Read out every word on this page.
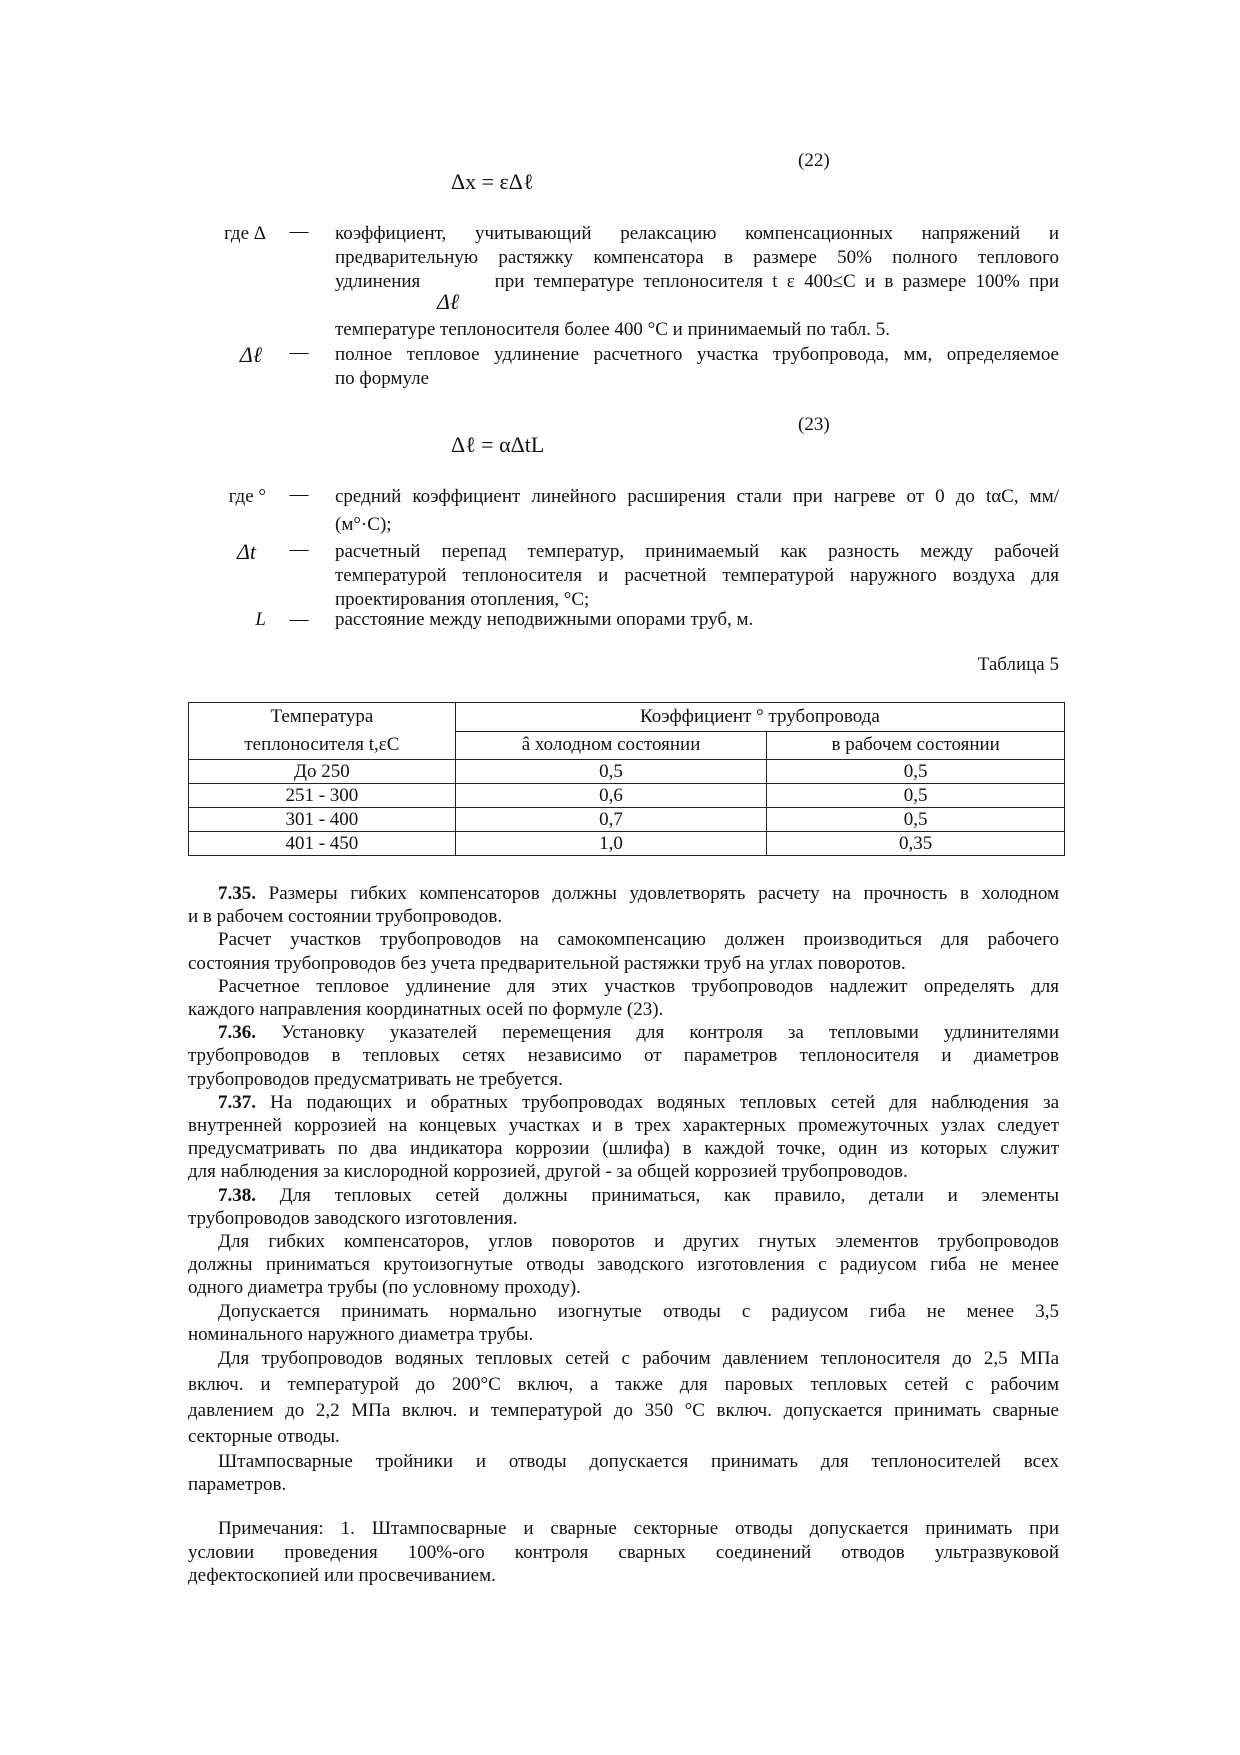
(22)
Δx = εΔℓ
где Δ — коэффициент, учитывающий релаксацию компенсационных напряжений и
предварительную растяжку компенсатора в размере 50% полного теплового
удлинения        при температуре теплоносителя t ε 400≤С и в размере 100% при
Δℓ
температуре теплоносителя более 400 °С и принимаемый по табл. 5.
Δℓ — полное тепловое удлинение расчетного участка трубопровода, мм, определяемое
по формуле
(23)
Δℓ = αΔtL
где ° — средний коэффициент линейного расширения стали при нагреве от 0 до tαС, мм/
(м°·С);
Δt — расчетный перепад температур, принимаемый как разность между рабочей
температурой теплоносителя и расчетной температурой наружного воздуха для
проектирования отопления, °С;
L — расстояние между неподвижными опорами труб, м.
Таблица 5
Температура
теплоносителя t,εС	Коэффициент ° трубопровода	
	â холодном состоянии	в рабочем состоянии
До 250	0,5	0,5
251 - 300	0,6	0,5
301 - 400	0,7	0,5
401 - 450	1,0	0,35
7.35. Размеры гибких компенсаторов должны удовлетворять расчету на прочность в холодном
и в рабочем состоянии трубопроводов.
Расчет участков трубопроводов на самокомпенсацию должен производиться для рабочего
состояния трубопроводов без учета предварительной растяжки труб на углах поворотов.
Расчетное тепловое удлинение для этих участков трубопроводов надлежит определять для
каждого направления координатных осей по формуле (23).
7.36. Установку указателей перемещения для контроля за тепловыми удлинителями
трубопроводов в тепловых сетях независимо от параметров теплоносителя и диаметров
трубопроводов предусматривать не требуется.
7.37. На подающих и обратных трубопроводах водяных тепловых сетей для наблюдения за
внутренней коррозией на концевых участках и в трех характерных промежуточных узлах следует
предусматривать по два индикатора коррозии (шлифа) в каждой точке, один из которых служит
для наблюдения за кислородной коррозией, другой - за общей коррозией трубопроводов.
7.38. Для тепловых сетей должны приниматься, как правило, детали и элементы
трубопроводов заводского изготовления.
Для гибких компенсаторов, углов поворотов и других гнутых элементов трубопроводов
должны приниматься крутоизогнутые отводы заводского изготовления с радиусом гиба не менее
одного диаметра трубы (по условному проходу).
Допускается принимать нормально изогнутые отводы с радиусом гиба не менее 3,5
номинального наружного диаметра трубы.
Для трубопроводов водяных тепловых сетей с рабочим давлением теплоносителя до 2,5 МПа
включ. и температурой до 200°С включ, а также для паровых тепловых сетей с рабочим
давлением до 2,2 МПа включ. и температурой до 350 °С включ. допускается принимать сварные
секторные отводы.
Штампосварные тройники и отводы допускается принимать для теплоносителей всех
параметров.
Примечания: 1. Штампосварные и сварные секторные отводы допускается принимать при
условии проведения 100%-ого контроля сварных соединений отводов ультразвуковой
дефектоскопией или просвечиванием.
